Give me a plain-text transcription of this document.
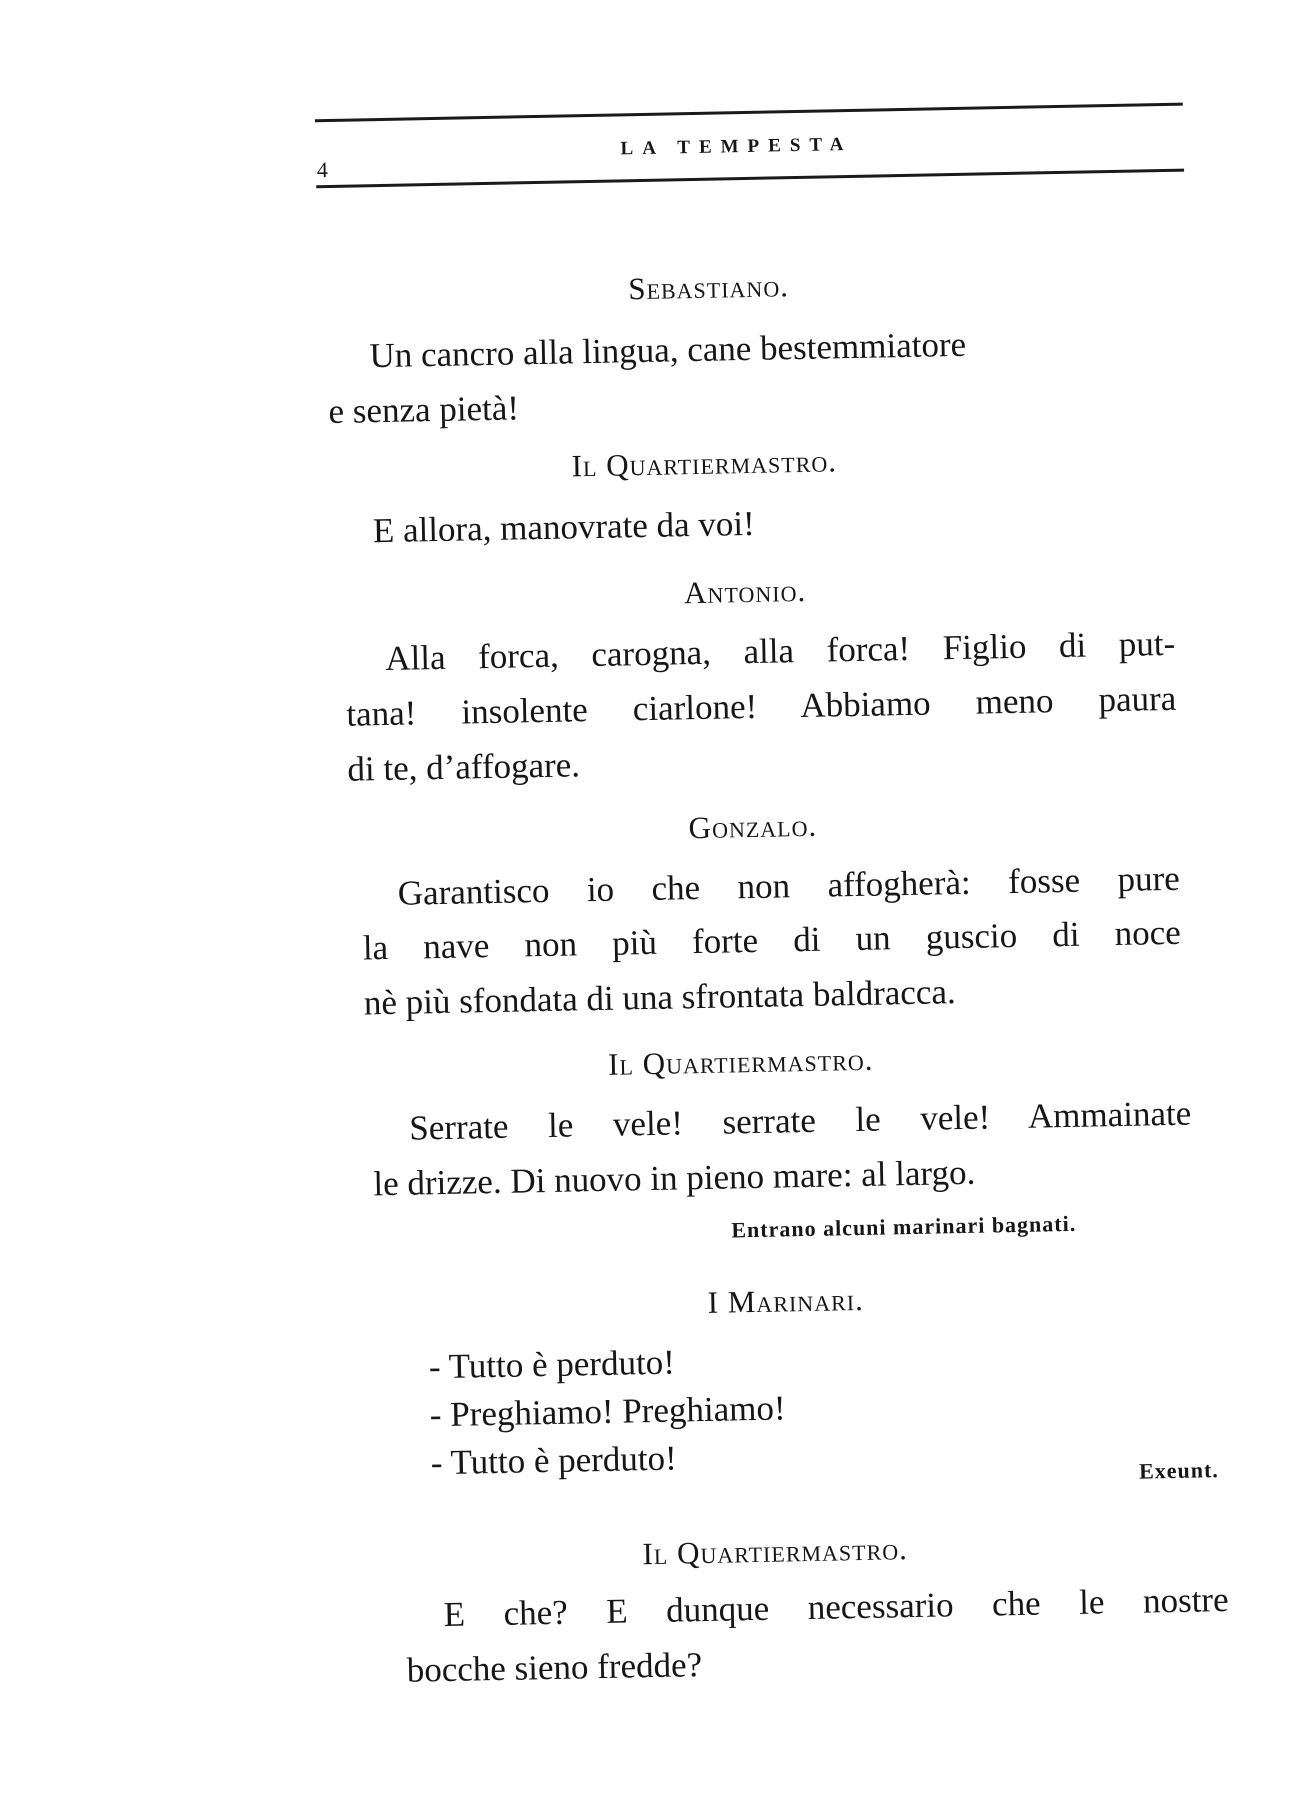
4
LA TEMPESTA
Sebastiano.
Un cancro alla lingua, cane bestemmiatore
e senza pietà!
Il Quartiermastro.
E allora, manovrate da voi!
Antonio.
Alla forca, carogna, alla forca! Figlio di put-
tana! insolente ciarlone! Abbiamo meno paura
di te, d’affogare.
Gonzalo.
Garantisco io che non affogherà: fosse pure
la nave non più forte di un guscio di noce
nè più sfondata di una sfrontata baldracca.
Il Quartiermastro.
Serrate le vele! serrate le vele! Ammainate
le drizze. Di nuovo in pieno mare: al largo.
Entrano alcuni marinari bagnati.
I Marinari.
- Tutto è perduto!
- Preghiamo! Preghiamo!
- Tutto è perduto!	Exeunt.
Il Quartiermastro.
E che? E dunque necessario che le nostre
bocche sieno fredde?
